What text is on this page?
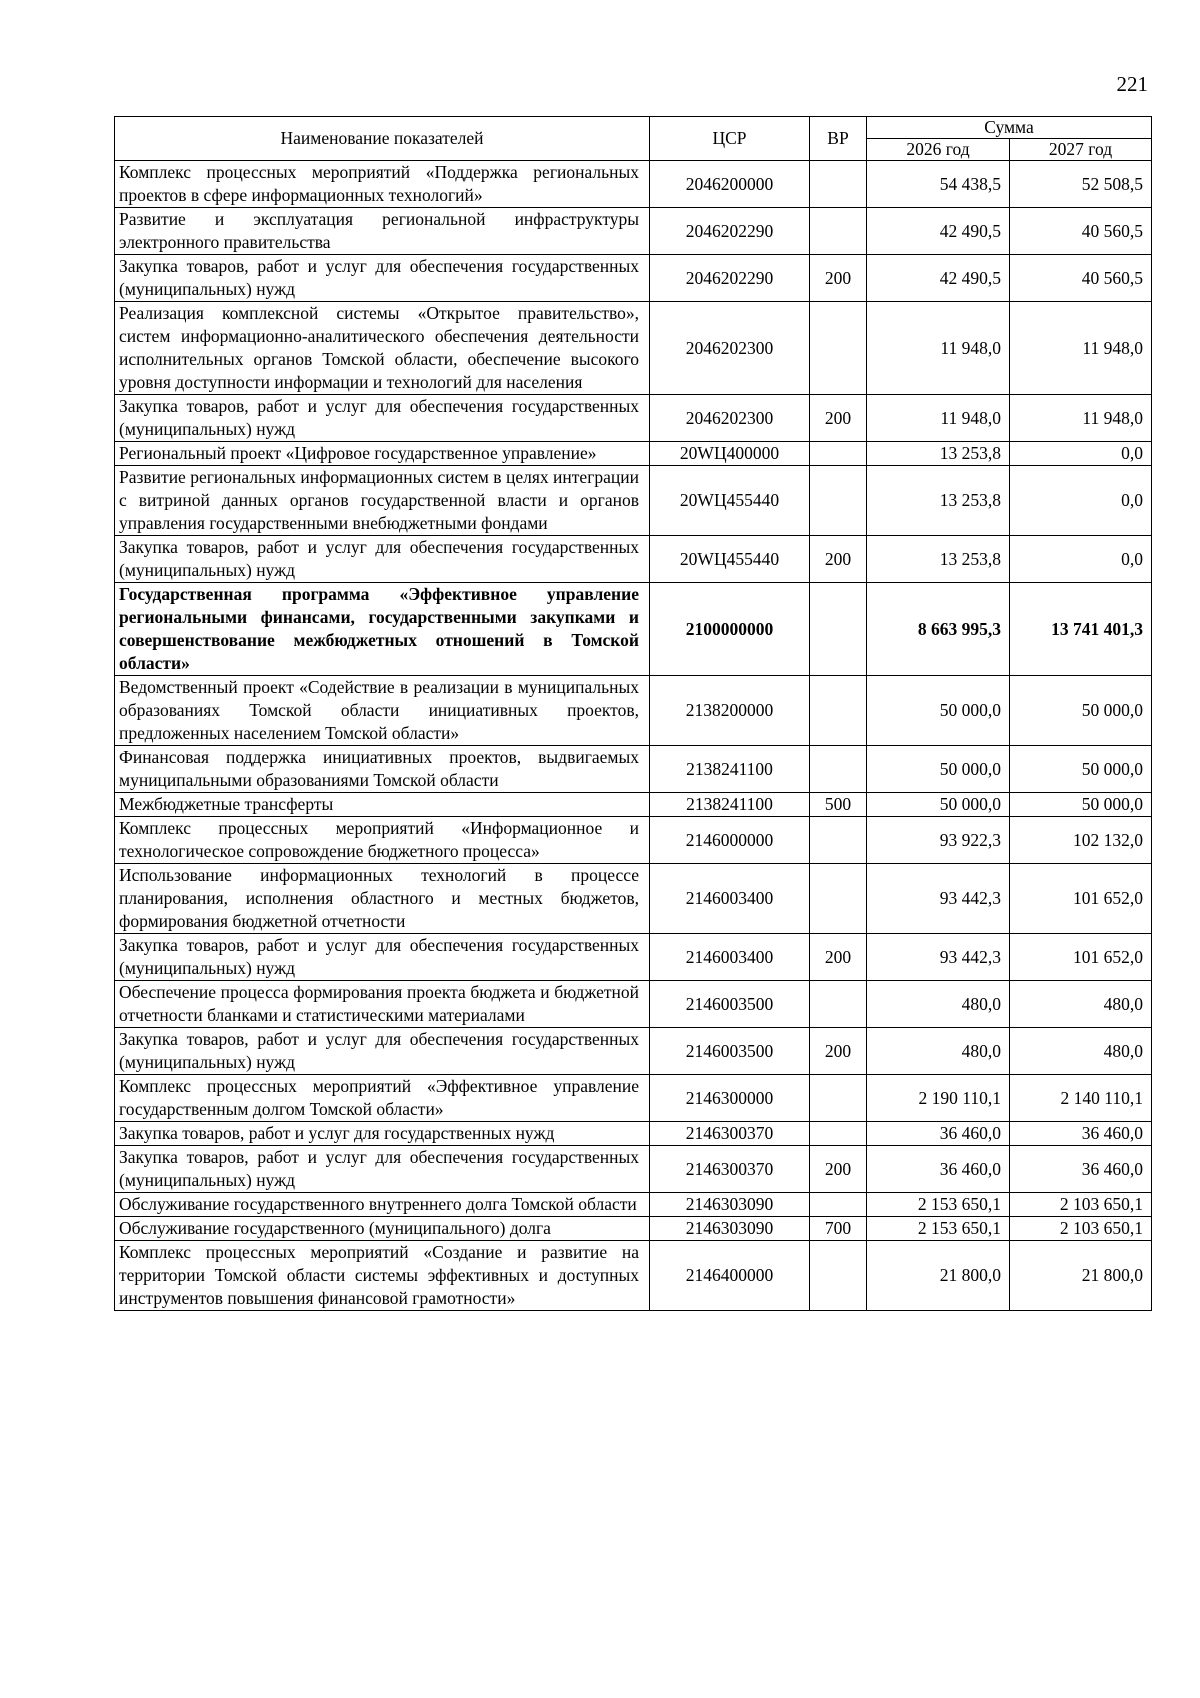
221
Наименование показателей	ЦСР	ВР	Сумма	
			2026 год	2027 год
Комплекс процессных мероприятий «Поддержка региональных проектов в сфере информационных технологий»	2046200000		54 438,5	52 508,5
Развитие и эксплуатация региональной инфраструктуры электронного правительства	2046202290		42 490,5	40 560,5
Закупка товаров, работ и услуг для обеспечения государственных (муниципальных) нужд	2046202290	200	42 490,5	40 560,5
Реализация комплексной системы «Открытое правительство», систем информационно-аналитического обеспечения деятельности исполнительных органов Томской области, обеспечение высокого уровня доступности информации и технологий для населения	2046202300		11 948,0	11 948,0
Закупка товаров, работ и услуг для обеспечения государственных (муниципальных) нужд	2046202300	200	11 948,0	11 948,0
Региональный проект «Цифровое государственное управление»	20WЦ400000		13 253,8	0,0
Развитие региональных информационных систем в целях интеграции с витриной данных органов государственной власти и органов управления государственными внебюджетными фондами	20WЦ455440		13 253,8	0,0
Закупка товаров, работ и услуг для обеспечения государственных (муниципальных) нужд	20WЦ455440	200	13 253,8	0,0
Государственная программа «Эффективное управление региональными финансами, государственными закупками и совершенствование межбюджетных отношений в Томской области»	2100000000		8 663 995,3	13 741 401,3
Ведомственный проект «Содействие в реализации в муниципальных образованиях Томской области инициативных проектов, предложенных населением Томской области»	2138200000		50 000,0	50 000,0
Финансовая поддержка инициативных проектов, выдвигаемых муниципальными образованиями Томской области	2138241100		50 000,0	50 000,0
Межбюджетные трансферты	2138241100	500	50 000,0	50 000,0
Комплекс процессных мероприятий «Информационное и технологическое сопровождение бюджетного процесса»	2146000000		93 922,3	102 132,0
Использование информационных технологий в процессе планирования, исполнения областного и местных бюджетов, формирования бюджетной отчетности	2146003400		93 442,3	101 652,0
Закупка товаров, работ и услуг для обеспечения государственных (муниципальных) нужд	2146003400	200	93 442,3	101 652,0
Обеспечение процесса формирования проекта бюджета и бюджетной отчетности бланками и статистическими материалами	2146003500		480,0	480,0
Закупка товаров, работ и услуг для обеспечения государственных (муниципальных) нужд	2146003500	200	480,0	480,0
Комплекс процессных мероприятий «Эффективное управление государственным долгом Томской области»	2146300000		2 190 110,1	2 140 110,1
Закупка товаров, работ и услуг для государственных нужд	2146300370		36 460,0	36 460,0
Закупка товаров, работ и услуг для обеспечения государственных (муниципальных) нужд	2146300370	200	36 460,0	36 460,0
Обслуживание государственного внутреннего долга Томской области	2146303090		2 153 650,1	2 103 650,1
Обслуживание государственного (муниципального) долга	2146303090	700	2 153 650,1	2 103 650,1
Комплекс процессных мероприятий «Создание и развитие на территории Томской области системы эффективных и доступных инструментов повышения финансовой грамотности»	2146400000		21 800,0	21 800,0
